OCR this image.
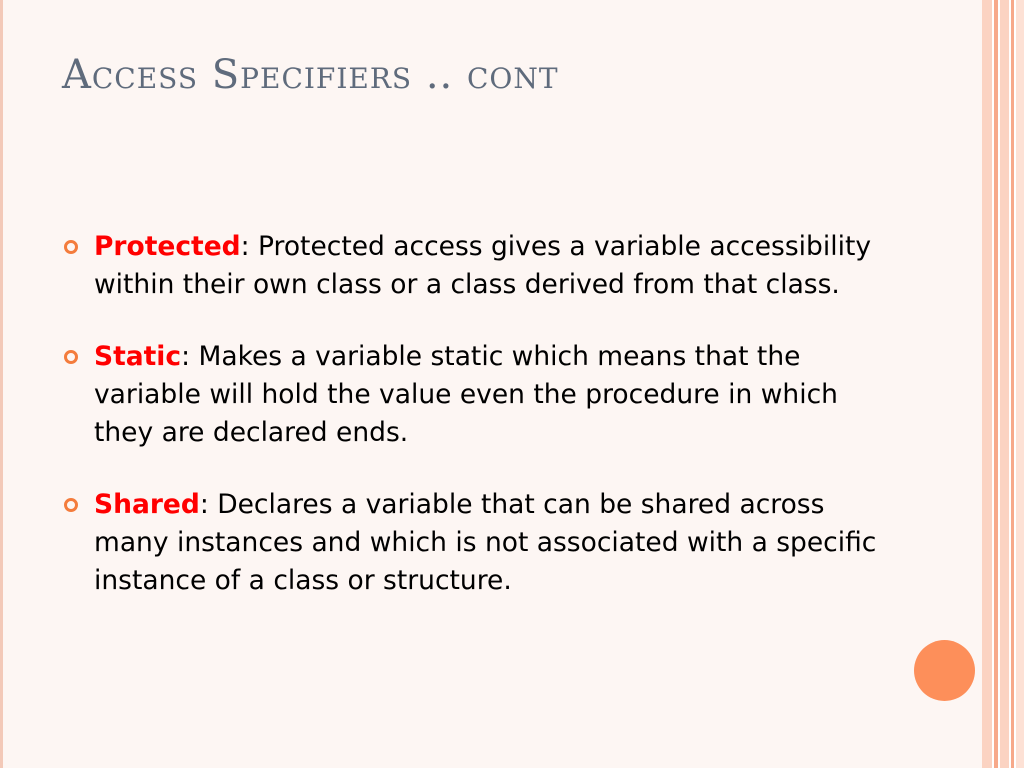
Access Specifiers .. cont
Protected: Protected access gives a variable accessibility within their own class or a class derived from that class.
Static: Makes a variable static which means that the variable will hold the value even the procedure in which they are declared ends.
Shared: Declares a variable that can be shared across many instances and which is not associated with a specific instance of a class or structure.
